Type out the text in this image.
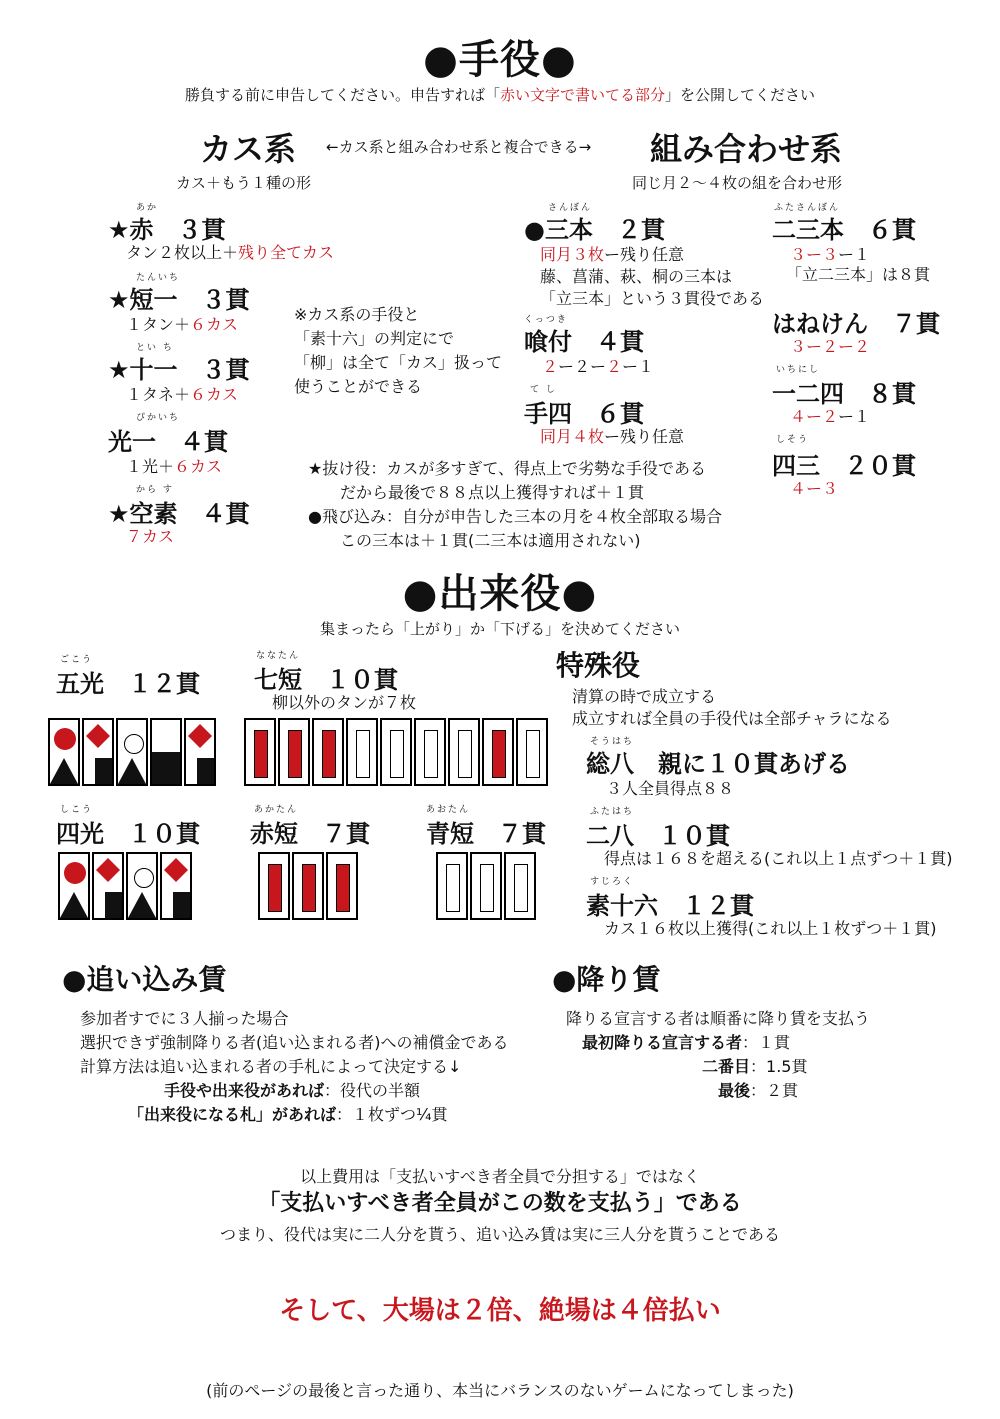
●手役●
勝負する前に申告してください。申告すれば「赤い文字で書いてる部分」を公開してください
カス系 ←カス系と組み合わせ系と複合できる→ 組み合わせ系
カス＋もう１種の形	同じ月２〜４枚の組を合わせ形
あか
★赤　３貫
タン２枚以上＋残り全てカス
たんいち
★短一　３貫
１タン＋６カス
とい ち
★十一　３貫
１タネ＋６カス
ぴかいち
光一　４貫
１光＋６カス
から す
★空素　４貫
７カス
※カス系の手役と
「素十六」の判定にで
「柳」は全て「カス」扱って
使うことができる
さんぼん
●三本　２貫
同月３枚ー残り任意
藤、菖蒲、萩、桐の三本は
「立三本」という３貫役である
くっつき
喰付　４貫
２ー２ー２ー１
て し
手四　６貫
同月４枚ー残り任意
ふたさんぼん
二三本　６貫
３ー３ー１
「立二三本」は８貫
はねけん　７貫
３ー２ー２
いちにし
一二四　８貫
４ー２ー１
しそう
四三　２０貫
４ー３
★抜け役：カスが多すぎて、得点上で劣勢な手役である
だから最後で８８点以上獲得すれば＋１貫
●飛び込み：自分が申告した三本の月を４枚全部取る場合
この三本は＋１貫(二三本は適用されない)
●出来役●
集まったら「上がり」か「下げる」を決めてください
ごこう
五光　１２貫
ななたん
七短　１０貫
柳以外のタンが７枚
しこう
四光　１０貫
あかたん
赤短　７貫
あおたん
青短　７貫
特殊役
清算の時で成立する
成立すれば全員の手役代は全部チャラになる
そうはち
総八　親に１０貫あげる
３人全員得点８８
ふたはち
二八　１０貫
得点は１６８を超える(これ以上１点ずつ＋１貫)
すじろく
素十六　１２貫
カス１６枚以上獲得(これ以上１枚ずつ＋１貫)
●追い込み賃
参加者すでに３人揃った場合
選択できず強制降りる者(追い込まれる者)への補償金である
計算方法は追い込まれる者の手札によって決定する↓
手役や出来役があれば：役代の半額
「出来役になる札」があれば：１枚ずつ¼貫
●降り賃
降りる宣言する者は順番に降り賃を支払う
最初降りる宣言する者：１貫
二番目：1.5貫
最後：２貫
以上費用は「支払いすべき者全員で分担する」ではなく
「支払いすべき者全員がこの数を支払う」である
つまり、役代は実に二人分を貰う、追い込み賃は実に三人分を貰うことである
そして、大場は２倍、絶場は４倍払い
(前のページの最後と言った通り、本当にバランスのないゲームになってしまった)
